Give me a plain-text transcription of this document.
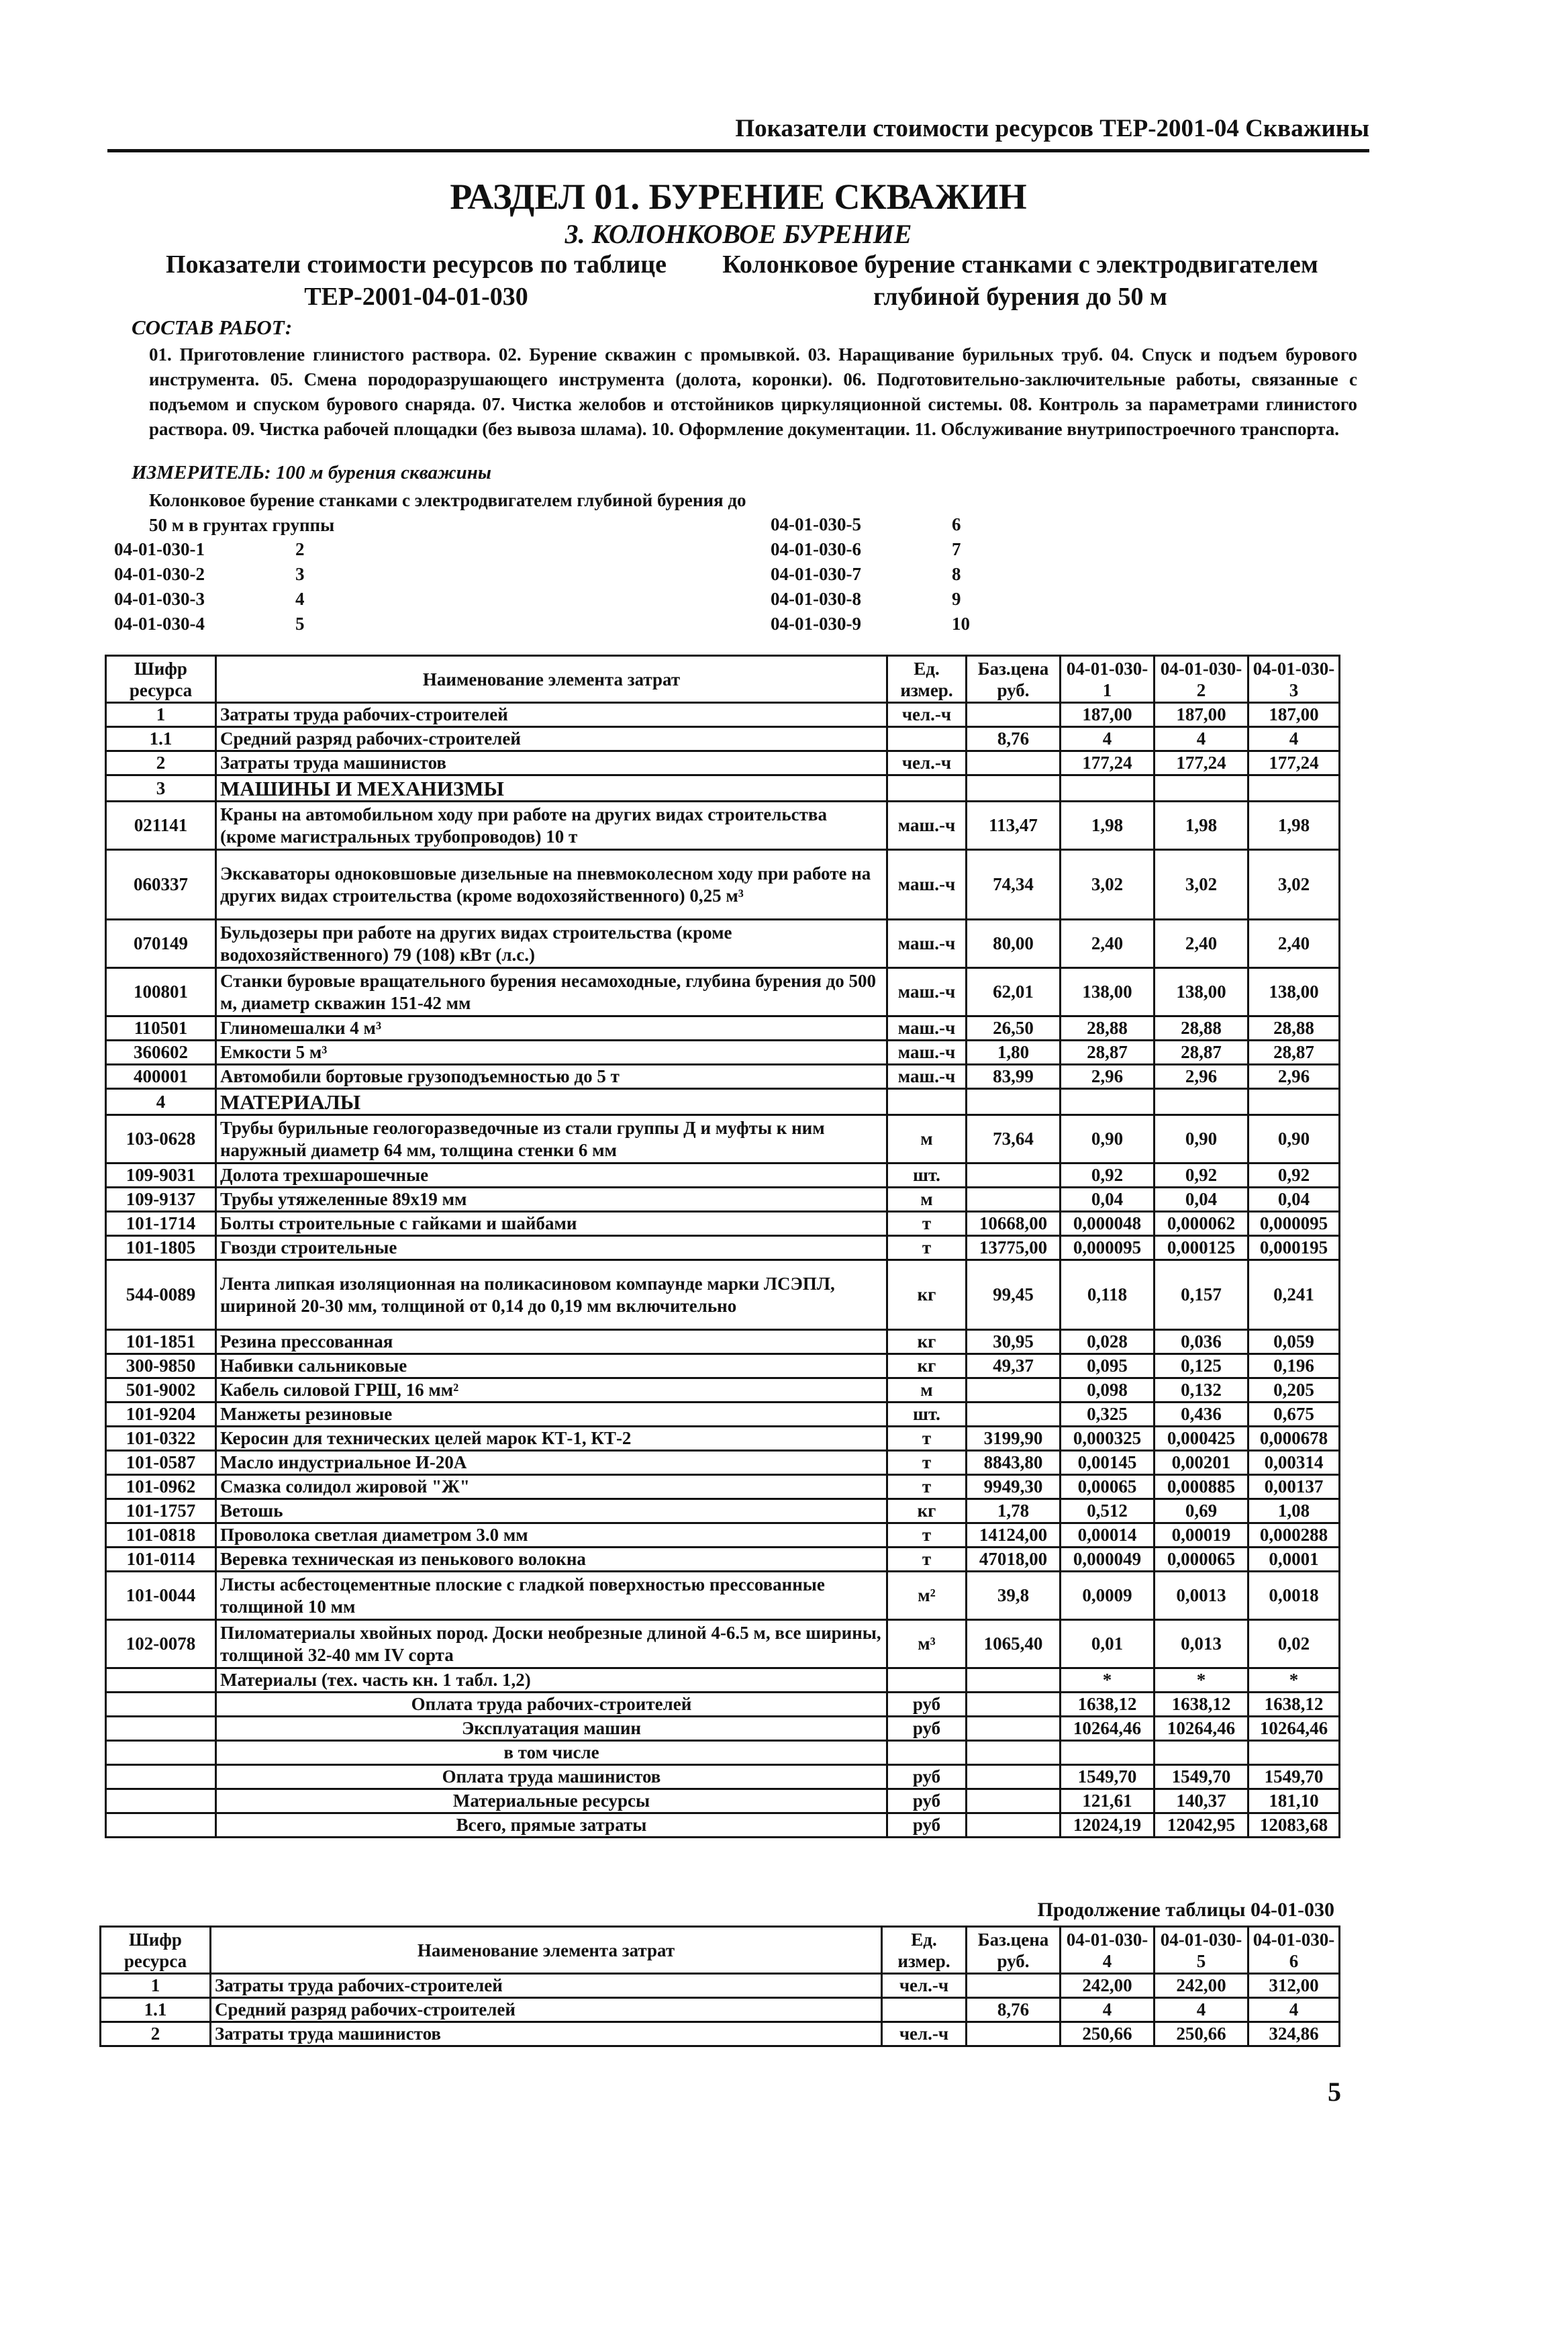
Показатели стоимости ресурсов ТЕР-2001-04 Скважины
РАЗДЕЛ 01. БУРЕНИЕ СКВАЖИН
3. КОЛОНКОВОЕ БУРЕНИЕ
Показатели стоимости ресурсов по таблице
ТЕР-2001-04-01-030
Колонковое бурение станками с электродвигателем
глубиной бурения до 50 м
СОСТАВ РАБОТ:
01. Приготовление глинистого раствора. 02. Бурение скважин с промывкой. 03. Наращивание бурильных труб. 04. Спуск и подъем бурового инструмента. 05. Смена породоразрушающего инструмента (долота, коронки). 06. Подготовительно-заключительные работы, связанные с подъемом и спуском бурового снаряда. 07. Чистка желобов и отстойников циркуляционной системы. 08. Контроль за параметрами глинистого раствора. 09. Чистка рабочей площадки (без вывоза шлама). 10. Оформление документации. 11. Обслуживание внутрипостроечного транспорта.
ИЗМЕРИТЕЛЬ: 100 м бурения скважины
Колонковое бурение станками с электродвигателем глубиной бурения до 50 м в грунтах группы
04-01-030-1	2
04-01-030-2	3
04-01-030-3	4
04-01-030-4	5
04-01-030-5	6
04-01-030-6	7
04-01-030-7	8
04-01-030-8	9
04-01-030-9	10
Шифр ресурса	Наименование элемента затрат	Ед. измер.	Баз.цена руб.	04-01-030-1	04-01-030-2	04-01-030-3
1	Затраты труда рабочих-строителей	чел.-ч		187,00	187,00	187,00
1.1	Средний разряд рабочих-строителей		8,76	4	4	4
2	Затраты труда машинистов	чел.-ч		177,24	177,24	177,24
3	МАШИНЫ И МЕХАНИЗМЫ					
021141	Краны на автомобильном ходу при работе на других видах строительства (кроме магистральных трубопроводов) 10 т	маш.-ч	113,47	1,98	1,98	1,98
060337	Экскаваторы одноковшовые дизельные на пневмоколесном ходу при работе на других видах строительства (кроме водохозяйственного) 0,25 м³	маш.-ч	74,34	3,02	3,02	3,02
070149	Бульдозеры при работе на других видах строительства (кроме водохозяйственного) 79 (108) кВт (л.с.)	маш.-ч	80,00	2,40	2,40	2,40
100801	Станки буровые вращательного бурения несамоходные, глубина бурения до 500 м, диаметр скважин 151-42 мм	маш.-ч	62,01	138,00	138,00	138,00
110501	Глиномешалки 4 м³	маш.-ч	26,50	28,88	28,88	28,88
360602	Емкости 5 м³	маш.-ч	1,80	28,87	28,87	28,87
400001	Автомобили бортовые грузоподъемностью до 5 т	маш.-ч	83,99	2,96	2,96	2,96
4	МАТЕРИАЛЫ					
103-0628	Трубы бурильные геологоразведочные из стали группы Д и муфты к ним наружный диаметр 64 мм, толщина стенки 6 мм	м	73,64	0,90	0,90	0,90
109-9031	Долота трехшарошечные	шт.		0,92	0,92	0,92
109-9137	Трубы утяжеленные 89х19 мм	м		0,04	0,04	0,04
101-1714	Болты строительные с гайками и шайбами	т	10668,00	0,000048	0,000062	0,000095
101-1805	Гвозди строительные	т	13775,00	0,000095	0,000125	0,000195
544-0089	Лента липкая изоляционная на поликасиновом компаунде марки ЛСЭПЛ, шириной 20-30 мм, толщиной от 0,14 до 0,19 мм включительно	кг	99,45	0,118	0,157	0,241
101-1851	Резина прессованная	кг	30,95	0,028	0,036	0,059
300-9850	Набивки сальниковые	кг	49,37	0,095	0,125	0,196
501-9002	Кабель силовой ГРШ, 16 мм²	м		0,098	0,132	0,205
101-9204	Манжеты резиновые	шт.		0,325	0,436	0,675
101-0322	Керосин для технических целей марок КТ-1, КТ-2	т	3199,90	0,000325	0,000425	0,000678
101-0587	Масло индустриальное И-20А	т	8843,80	0,00145	0,00201	0,00314
101-0962	Смазка солидол жировой "Ж"	т	9949,30	0,00065	0,000885	0,00137
101-1757	Ветошь	кг	1,78	0,512	0,69	1,08
101-0818	Проволока светлая диаметром 3.0 мм	т	14124,00	0,00014	0,00019	0,000288
101-0114	Веревка техническая из пенькового волокна	т	47018,00	0,000049	0,000065	0,0001
101-0044	Листы асбестоцементные плоские с гладкой поверхностью прессованные толщиной 10 мм	м²	39,8	0,0009	0,0013	0,0018
102-0078	Пиломатериалы хвойных пород. Доски необрезные длиной 4-6.5 м, все ширины, толщиной 32-40 мм IV сорта	м³	1065,40	0,01	0,013	0,02
	Материалы (тех. часть кн. 1 табл. 1,2)			*	*	*
	Оплата труда рабочих-строителей	руб		1638,12	1638,12	1638,12
	Эксплуатация машин	руб		10264,46	10264,46	10264,46
	в том числе					
	Оплата труда машинистов	руб		1549,70	1549,70	1549,70
	Материальные ресурсы	руб		121,61	140,37	181,10
	Всего, прямые затраты	руб		12024,19	12042,95	12083,68
Продолжение таблицы 04-01-030
Шифр ресурса	Наименование элемента затрат	Ед. измер.	Баз.цена руб.	04-01-030-4	04-01-030-5	04-01-030-6
1	Затраты труда рабочих-строителей	чел.-ч		242,00	242,00	312,00
1.1	Средний разряд рабочих-строителей		8,76	4	4	4
2	Затраты труда машинистов	чел.-ч		250,66	250,66	324,86
5
